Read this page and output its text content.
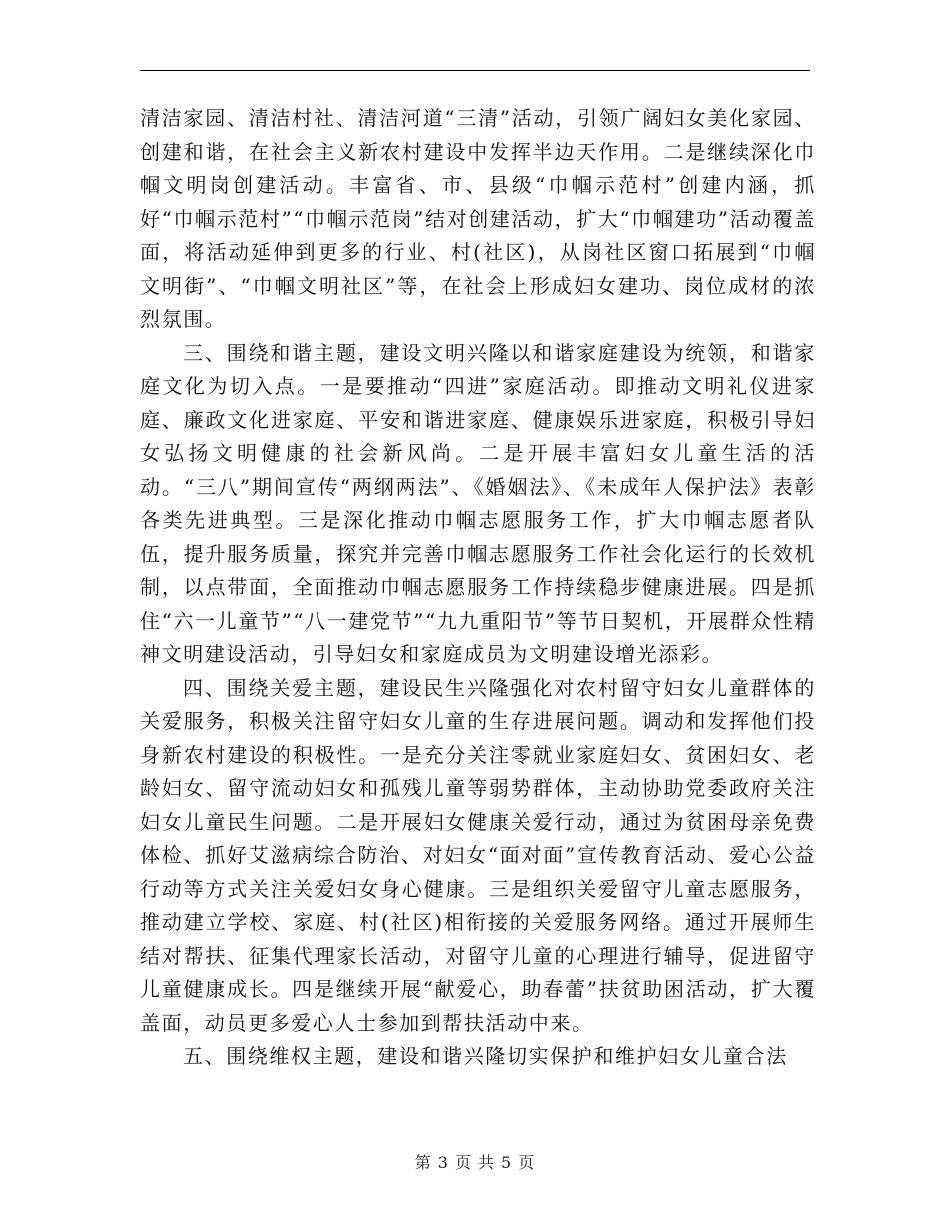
清洁家园、清洁村社、清洁河道“三清”活动，引领广阔妇女美化家园、创建和谐，在社会主义新农村建设中发挥半边天作用。二是继续深化巾帼文明岗创建活动。丰富省、市、县级“巾帼示范村”创建内涵，抓好“巾帼示范村”“巾帼示范岗”结对创建活动，扩大“巾帼建功”活动覆盖面，将活动延伸到更多的行业、村(社区)，从岗社区窗口拓展到“巾帼文明街”、“巾帼文明社区”等，在社会上形成妇女建功、岗位成材的浓烈氛围。

三、围绕和谐主题，建设文明兴隆以和谐家庭建设为统领，和谐家庭文化为切入点。一是要推动“四进”家庭活动。即推动文明礼仪进家庭、廉政文化进家庭、平安和谐进家庭、健康娱乐进家庭，积极引导妇女弘扬文明健康的社会新风尚。二是开展丰富妇女儿童生活的活动。“三八”期间宣传“两纲两法”、《婚姻法》、《未成年人保护法》表彰各类先进典型。三是深化推动巾帼志愿服务工作，扩大巾帼志愿者队伍，提升服务质量，探究并完善巾帼志愿服务工作社会化运行的长效机制，以点带面，全面推动巾帼志愿服务工作持续稳步健康进展。四是抓住“六一儿童节”“八一建党节”“九九重阳节”等节日契机，开展群众性精神文明建设活动，引导妇女和家庭成员为文明建设增光添彩。

四、围绕关爱主题，建设民生兴隆强化对农村留守妇女儿童群体的关爱服务，积极关注留守妇女儿童的生存进展问题。调动和发挥他们投身新农村建设的积极性。一是充分关注零就业家庭妇女、贫困妇女、老龄妇女、留守流动妇女和孤残儿童等弱势群体，主动协助党委政府关注妇女儿童民生问题。二是开展妇女健康关爱行动，通过为贫困母亲免费体检、抓好艾滋病综合防治、对妇女“面对面”宣传教育活动、爱心公益行动等方式关注关爱妇女身心健康。三是组织关爱留守儿童志愿服务，推动建立学校、家庭、村(社区)相衔接的关爱服务网络。通过开展师生结对帮扶、征集代理家长活动，对留守儿童的心理进行辅导，促进留守儿童健康成长。四是继续开展“献爱心，助春蕾”扶贫助困活动，扩大覆盖面，动员更多爱心人士参加到帮扶活动中来。

五、围绕维权主题，建设和谐兴隆切实保护和维护妇女儿童合法

第 3 页 共 5 页
